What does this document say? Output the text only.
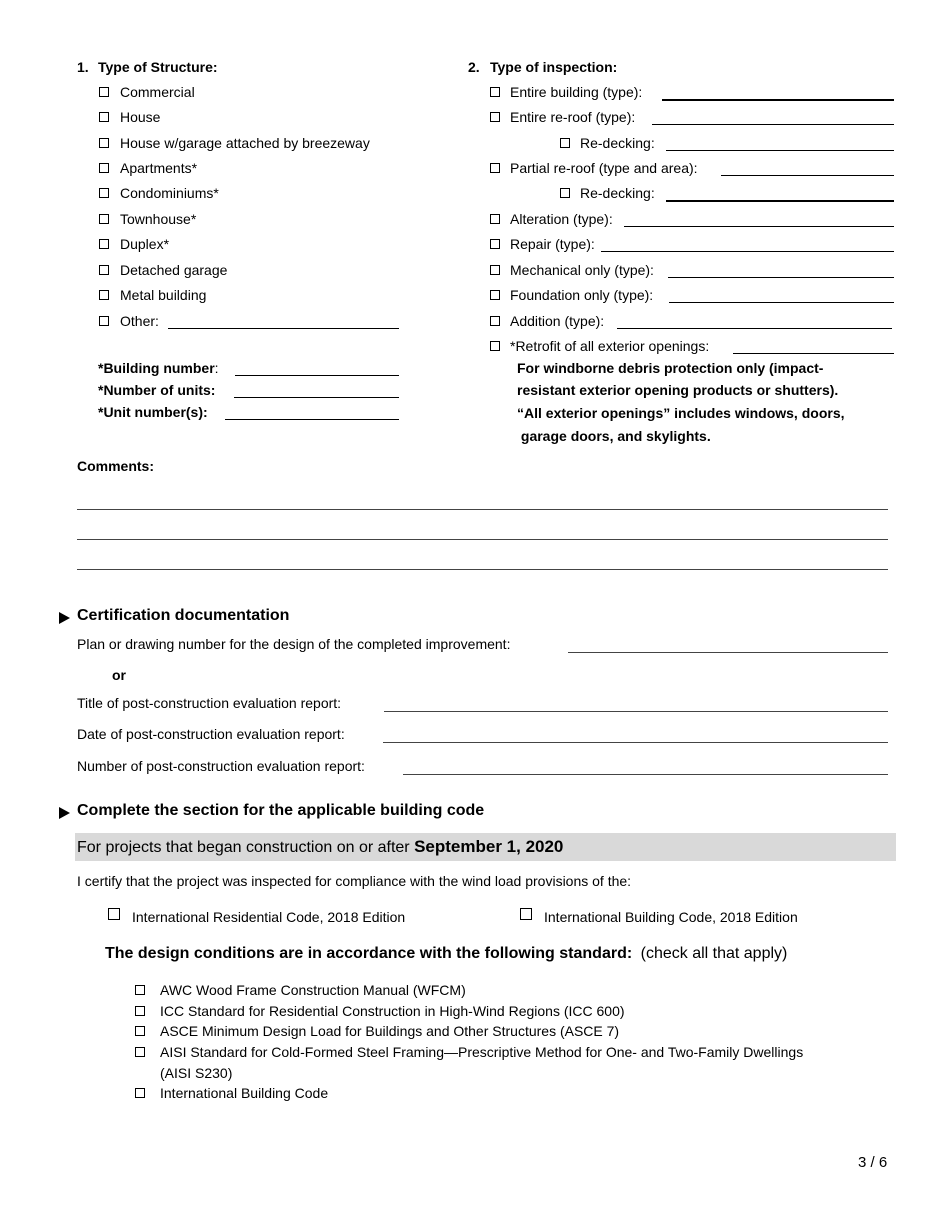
1. Type of Structure:
Commercial
House
House w/garage attached by breezeway
Apartments*
Condominiums*
Townhouse*
Duplex*
Detached garage
Metal building
Other:
*Building number:
*Number of units:
*Unit number(s):
2. Type of inspection:
Entire building (type):
Entire re-roof (type):
Re-decking:
Partial re-roof (type and area):
Re-decking:
Alteration (type):
Repair (type):
Mechanical only (type):
Foundation only (type):
Addition (type):
*Retrofit of all exterior openings:
For windborne debris protection only (impact-
resistant exterior opening products or shutters).
“All exterior openings” includes windows, doors,
garage doors, and skylights.
Comments:
Certification documentation
Plan or drawing number for the design of the completed improvement:
or
Title of post-construction evaluation report:
Date of post-construction evaluation report:
Number of post-construction evaluation report:
Complete the section for the applicable building code
For projects that began construction on or after September 1, 2020
I certify that the project was inspected for compliance with the wind load provisions of the:
International Residential Code, 2018 Edition	International Building Code, 2018 Edition
The design conditions are in accordance with the following standard: (check all that apply)
AWC Wood Frame Construction Manual (WFCM)
ICC Standard for Residential Construction in High-Wind Regions (ICC 600)
ASCE Minimum Design Load for Buildings and Other Structures (ASCE 7)
AISI Standard for Cold-Formed Steel Framing—Prescriptive Method for One- and Two-Family Dwellings
(AISI S230)
International Building Code
3 / 6
